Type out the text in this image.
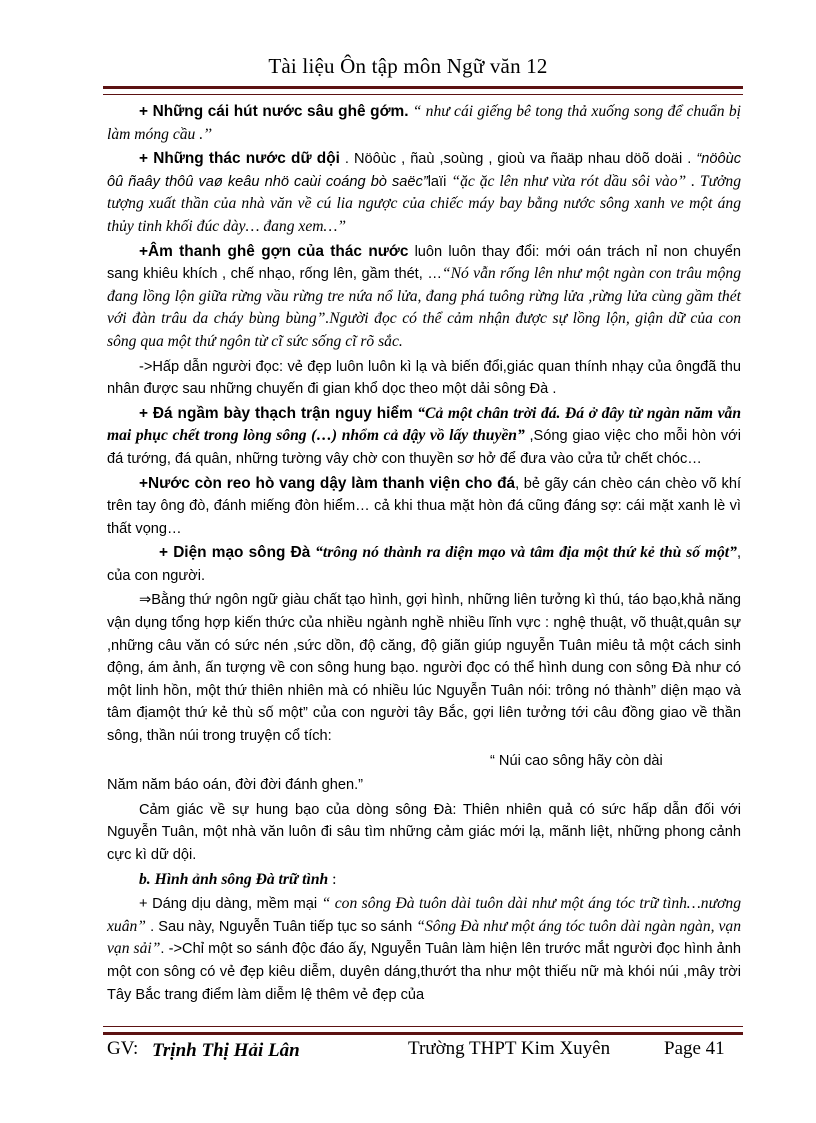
Tài liệu Ôn tập môn Ngữ văn 12

+ Những cái hút nước sâu ghê gớm. “ như cái giếng bê tong thả xuống song để chuẩn bị làm móng cầu .’’

+ Những thác nước dữ dội . Nöôùc , ñaù ,soùng , gioù va ñaäp nhau döõ doäi . “nöôùc ôû ñaây thôû vaø keâu nhö caùi coáng bò saëc”laïi “ặc ặc lên như vừa rót dầu sôi vào” . Tưởng tượng xuất thần của nhà văn về cú lia ngược của chiếc máy bay bằng nước sông xanh ve một áng thủy tinh khối đúc dày… đang xem…”

+Âm thanh ghê gợn của thác nước luôn luôn thay đổi: mới oán trách nỉ non chuyển sang khiêu khích , chế nhạo, rống lên, gầm thét, …“Nó vẫn rống lên như một ngàn con trâu mộng đang lồng lộn giữa rừng vầu rừng tre nứa nổ lửa, đang phá tuông rừng lửa ,rừng lửa cùng gầm thét với đàn trâu da cháy bùng bùng”.Người đọc có thể cảm nhận được sự lồng lộn, giận dữ của con sông qua một thứ ngôn từ cĩ sức sống cĩ rõ sắc.

->Hấp dẫn người đọc: vẻ đẹp luôn luôn kì lạ và biến đổi,giác quan thính nhạy của ôngđã thu nhân được sau những chuyến đi gian khổ dọc theo một dải sông Đà .

+ Đá ngầm bày thạch trận nguy hiểm “Cả một chân trời đá. Đá ở đây từ ngàn năm vẫn mai phục chết trong lòng sông (…) nhổm cả dậy vồ lấy thuyền” ,Sóng giao việc cho mỗi hòn với đá tướng, đá quân, những tường vây chờ con thuyền sơ hở để đưa vào cửa tử chết chóc…

+Nước còn reo hò vang dậy làm thanh viện cho đá, bẻ gãy cán chèo cán chèo võ khí trên tay ông đò, đánh miếng đòn hiểm… cả khi thua mặt hòn đá cũng đáng sợ: cái mặt xanh lè vì thất vọng…

+ Diện mạo sông Đà “trông nó thành ra diện mạo và tâm địa một thứ kẻ thù số một”, của con người.

⇒Bằng thứ ngôn ngữ giàu chất tạo hình, gợi hình, những liên tưởng kì thú, táo bạo,khả năng vận dụng tổng hợp kiến thức của nhiều ngành nghề nhiều lĩnh vực : nghệ thuật, võ thuật,quân sự ,những câu văn có sức nén ,sức dồn, độ căng, độ giãn giúp nguyễn Tuân miêu tả một cách sinh động, ám ảnh, ấn tượng về con sông hung bạo. người đọc có thể hình dung con sông Đà như có một linh hồn, một thứ thiên nhiên mà có nhiều lúc Nguyễn Tuân nói: trông nó thành” diện mạo và tâm địamột thứ kẻ thù số một” của con người tây Bắc, gợi liên tưởng tới câu đồng giao về thần sông, thần núi trong truyện cổ tích:

“ Núi cao sông hãy còn dài

Năm năm báo oán, đời đời đánh ghen.”

Cảm giác về sự hung bạo của dòng sông Đà: Thiên nhiên quả có sức hấp dẫn đối với Nguyễn Tuân, một nhà văn luôn đi sâu tìm những cảm giác mới lạ, mãnh liệt, những phong cảnh cực kì dữ dội.

b. Hình ảnh sông Đà trữ tình :

+ Dáng dịu dàng, mềm mại “ con sông Đà tuôn dài tuôn dài như một áng tóc trữ tình…nương xuân” . Sau này, Nguyễn Tuân tiếp tục so sánh “Sông Đà như một áng tóc tuôn dài ngàn ngàn, vạn vạn sải”. ->Chỉ một so sánh độc đáo ấy, Nguyễn Tuân làm hiện lên trước mắt người đọc hình ảnh một con sông có vẻ đẹp kiêu diễm, duyên dáng,thướt tha như một thiếu nữ mà khói núi ,mây trời Tây Bắc trang điểm làm diễm lệ thêm vẻ đẹp của

GV: Trịnh Thị Hải Lân	Trường THPT Kim Xuyên	Page 41
